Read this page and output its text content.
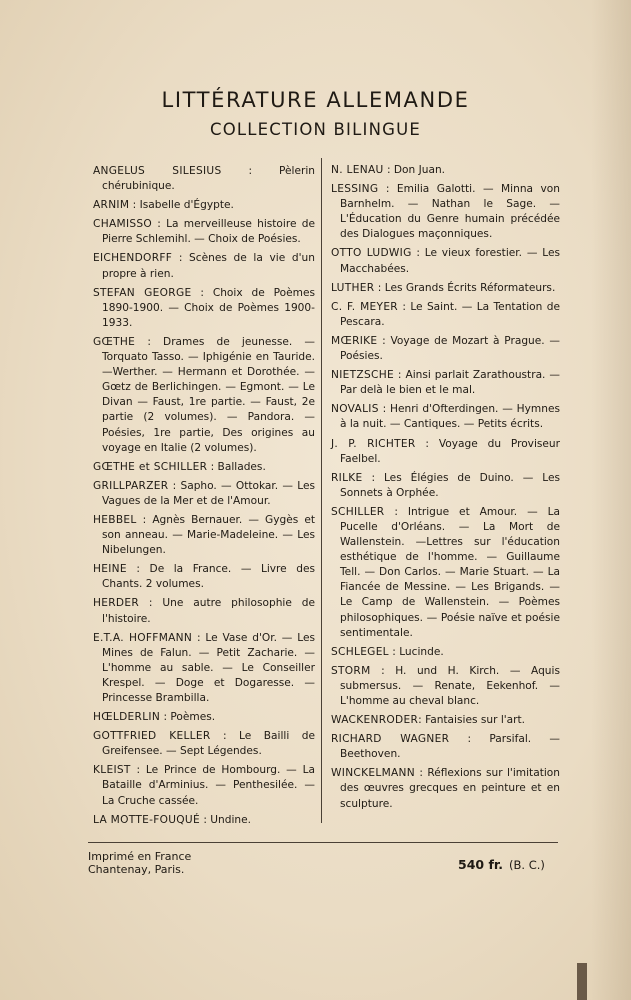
LITTÉRATURE ALLEMANDE
COLLECTION BILINGUE
ANGELUS SILESIUS : Pèlerin chérubinique.
ARNIM : Isabelle d'Égypte.
CHAMISSO : La merveilleuse histoire de Pierre Schlemihl. — Choix de Poésies.
EICHENDORFF : Scènes de la vie d'un propre à rien.
STEFAN GEORGE : Choix de Poèmes 1890-1900. — Choix de Poèmes 1900-1933.
GŒTHE : Drames de jeunesse. — Torquato Tasso. — Iphigénie en Tauride. —Werther. — Hermann et Dorothée. — Gœtz de Berlichingen. — Egmont. — Le Divan — Faust, 1re partie. — Faust, 2e partie (2 volumes). — Pandora. — Poésies, 1re partie, Des origines au voyage en Italie (2 volumes).
GŒTHE et SCHILLER : Ballades.
GRILLPARZER : Sapho. — Ottokar. — Les Vagues de la Mer et de l'Amour.
HEBBEL : Agnès Bernauer. — Gygès et son anneau. — Marie-Madeleine. — Les Nibelungen.
HEINE : De la France. — Livre des Chants. 2 volumes.
HERDER : Une autre philosophie de l'histoire.
E.T.A. HOFFMANN : Le Vase d'Or. — Les Mines de Falun. — Petit Zacharie. — L'homme au sable. — Le Conseiller Krespel. — Doge et Dogaresse. — Princesse Brambilla.
HŒLDERLIN : Poèmes.
GOTTFRIED KELLER : Le Bailli de Greifensee. — Sept Légendes.
KLEIST : Le Prince de Hombourg. — La Bataille d'Arminius. — Penthesilée. — La Cruche cassée.
LA MOTTE-FOUQUÉ : Undine.
N. LENAU : Don Juan.
LESSING : Emilia Galotti. — Minna von Barnhelm. — Nathan le Sage. — L'Éducation du Genre humain précédée des Dialogues maçonniques.
OTTO LUDWIG : Le vieux forestier. — Les Macchabées.
LUTHER : Les Grands Écrits Réformateurs.
C. F. MEYER : Le Saint. — La Tentation de Pescara.
MŒRIKE : Voyage de Mozart à Prague. — Poésies.
NIETZSCHE : Ainsi parlait Zarathoustra. — Par delà le bien et le mal.
NOVALIS : Henri d'Ofterdingen. — Hymnes à la nuit. — Cantiques. — Petits écrits.
J. P. RICHTER : Voyage du Proviseur Faelbel.
RILKE : Les Élégies de Duino. — Les Sonnets à Orphée.
SCHILLER : Intrigue et Amour. — La Pucelle d'Orléans. — La Mort de Wallenstein. —Lettres sur l'éducation esthétique de l'homme. — Guillaume Tell. — Don Carlos. — Marie Stuart. — La Fiancée de Messine. — Les Brigands. —Le Camp de Wallenstein. — Poèmes philosophiques. — Poésie naïve et poésie sentimentale.
SCHLEGEL : Lucinde.
STORM : H. und H. Kirch. — Aquis submersus. — Renate, Eekenhof. — L'homme au cheval blanc.
WACKENRODER: Fantaisies sur l'art.
RICHARD WAGNER : Parsifal. — Beethoven.
WINCKELMANN : Réflexions sur l'imitation des œuvres grecques en peinture et en sculpture.
Imprimé en France
Chantenay, Paris.	540 fr. (B. C.)
